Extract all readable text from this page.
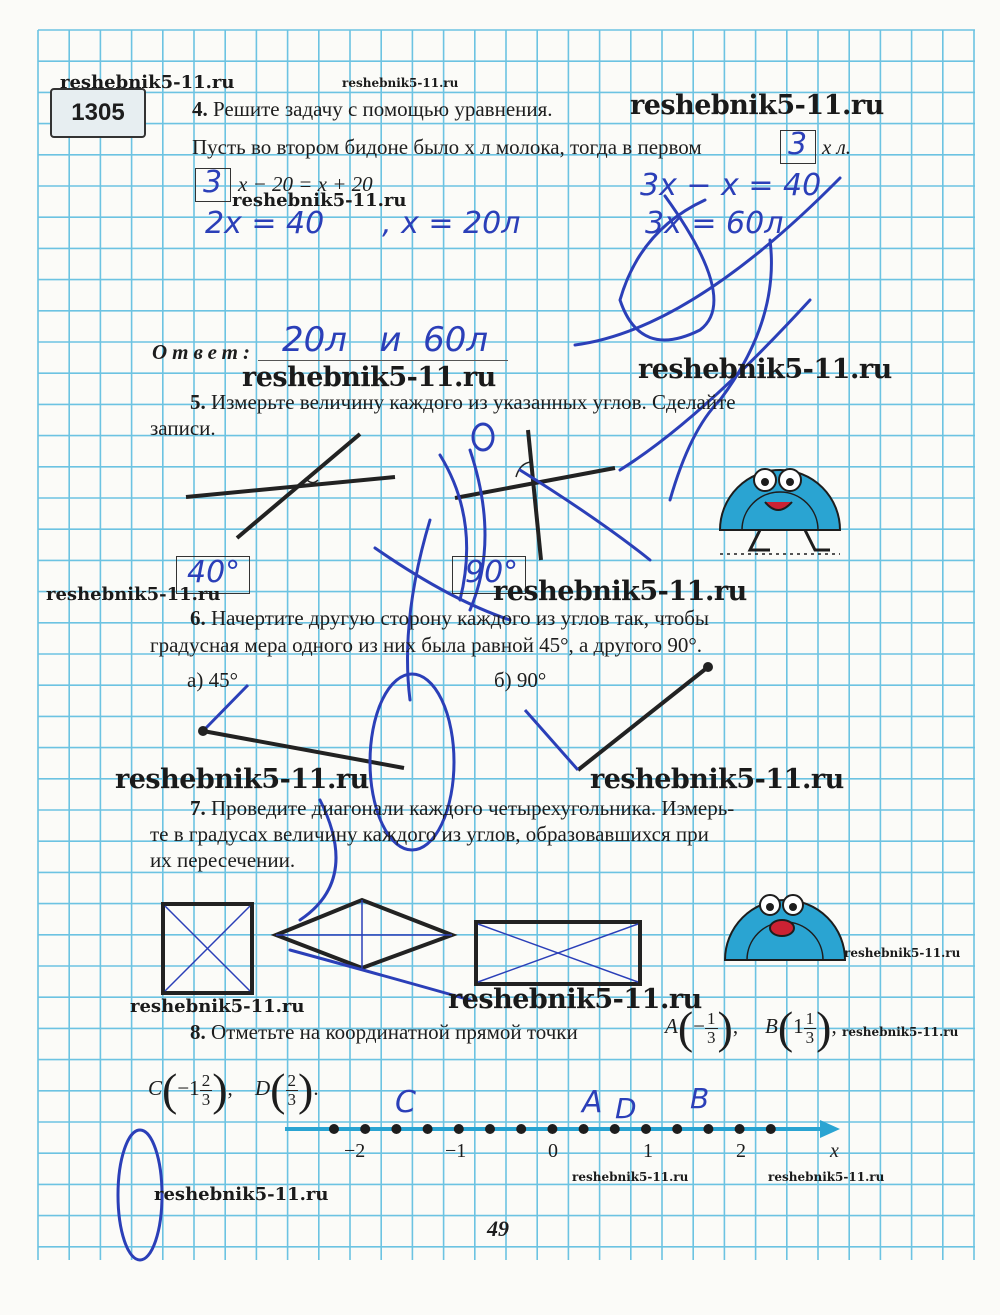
1305	4. Решите задачу с помощью уравнения.
Пусть во втором бидоне было x л молока, тогда в первом	3 x л.
3 x − 20 = x + 20
2x = 40 , x = 20л
3x − x = 40
3x = 60л
Ответ: 20л   и  60л
5. Измерьте величину каждого из указанных углов. Сделайте
записи.
40°	90°
6. Начертите другую сторону каждого из углов так, чтобы
градусная мера одного из них была равной 45°, а другого 90°.
а) 45°	б) 90°
7. Проведите диагонали каждого четырехугольника. Измерь-
те в градусах величину каждого из углов, образовавшихся при
их пересечении.
8. Отметьте на координатной прямой точки	$A(- \frac{1}{3}$ ), $B(1 \frac{1}{3}$ ),
$C(-1 \frac{2}{3}$ ), $D( \frac{2}{3}$ ).
−2	−1	0	1	2	x
C	A D B
49
reshebnik5-11.ru	reshebnik5-11.ru
reshebnik5-11.ru
reshebnik5-11.ru
reshebnik5-11.ru	reshebnik5-11.ru
reshebnik5-11.ru	reshebnik5-11.ru
reshebnik5-11.ru	reshebnik5-11.ru
reshebnik5-11.ru
reshebnik5-11.ru	reshebnik5-11.ru
reshebnik5-11.ru
reshebnik5-11.ru	reshebnik5-11.ru
reshebnik5-11.ru
